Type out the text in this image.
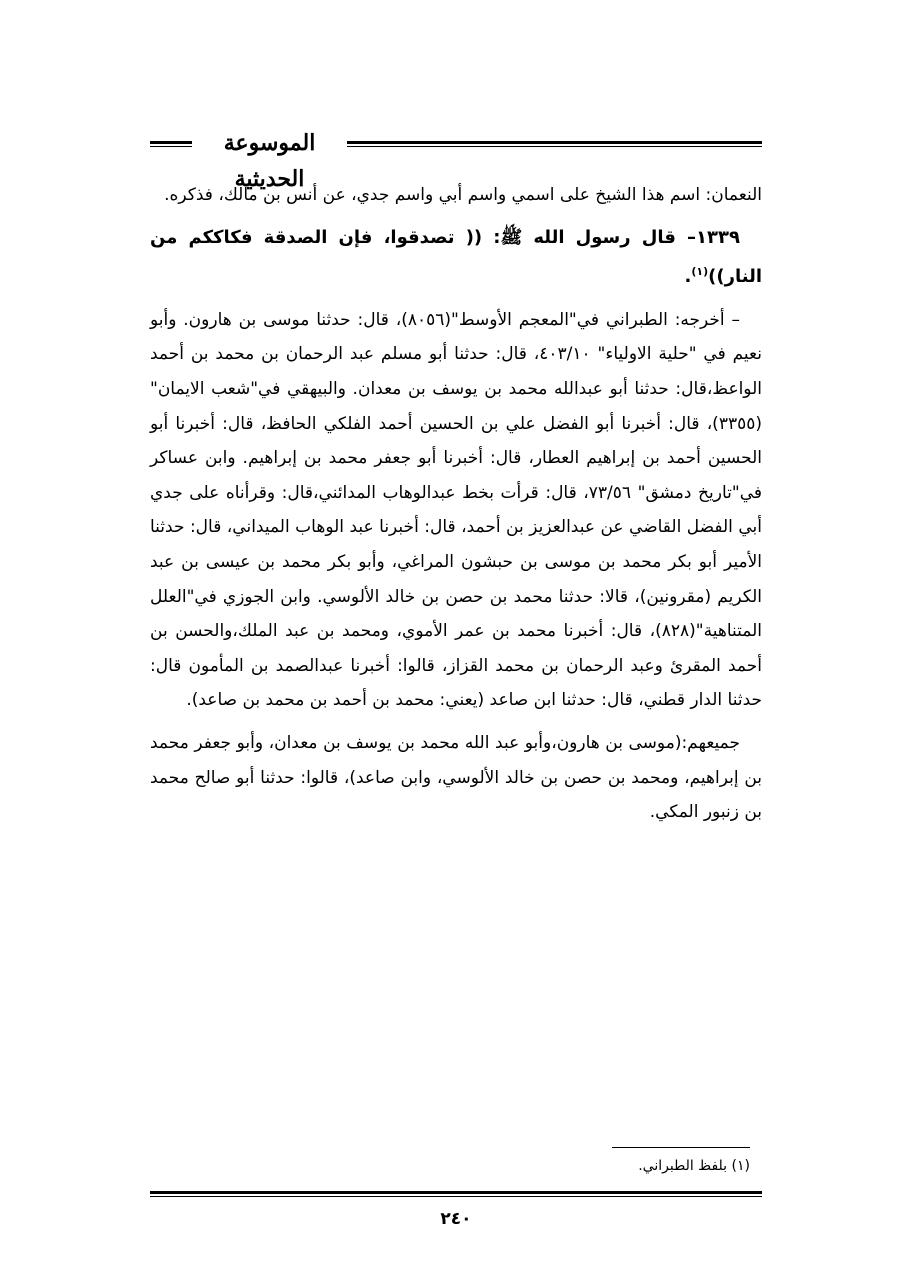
الموسوعة الحديثية

النعمان: اسم هذا الشيخ على اسمي واسم أبي واسم جدي، عن أنس بن مالك، فذكره.

١٣٣٩– قال رسول الله ﷺ: (( تصدقوا، فإن الصدقة فكاككم من النار))$^{(١)}$.

– أخرجه: الطبراني في"المعجم الأوسط"(٨٠٥٦)، قال: حدثنا موسى بن هارون. وأبو نعيم في "حلية الاولياء" ٤٠٣/١٠، قال: حدثنا أبو مسلم عبد الرحمان بن محمد بن أحمد الواعظ،قال: حدثنا أبو عبدالله محمد بن يوسف بن معدان. والبيهقي في"شعب الايمان"(٣٣٥٥)، قال: أخبرنا أبو الفضل علي بن الحسين أحمد الفلكي الحافظ، قال: أخبرنا أبو الحسين أحمد بن إبراهيم العطار، قال: أخبرنا أبو جعفر محمد بن إبراهيم. وابن عساكر في"تاريخ دمشق" ٧٣/٥٦، قال: قرأت بخط عبدالوهاب المدائني،قال: وقرأناه على جدي أبي الفضل القاضي عن عبدالعزيز بن أحمد، قال: أخبرنا عبد الوهاب الميداني، قال: حدثنا الأمير أبو بكر محمد بن موسى بن حبشون المراغي، وأبو بكر محمد بن عيسى بن عبد الكريم (مقرونين)، قالا: حدثنا محمد بن حصن بن خالد الألوسي. وابن الجوزي في"العلل المتناهية"(٨٢٨)، قال: أخبرنا محمد بن عمر الأموي، ومحمد بن عبد الملك،والحسن بن أحمد المقرئ وعبد الرحمان بن محمد القزاز، قالوا: أخبرنا عبدالصمد بن المأمون قال: حدثنا الدار قطني، قال: حدثنا ابن صاعد (يعني: محمد بن أحمد بن محمد بن صاعد).

جميعهم:(موسى بن هارون،وأبو عبد الله محمد بن يوسف بن معدان، وأبو جعفر محمد بن إبراهيم، ومحمد بن حصن بن خالد الألوسي، وابن صاعد)، قالوا: حدثنا أبو صالح محمد بن زنبور المكي.

(١) بلفظ الطبراني.
٢٤٠
